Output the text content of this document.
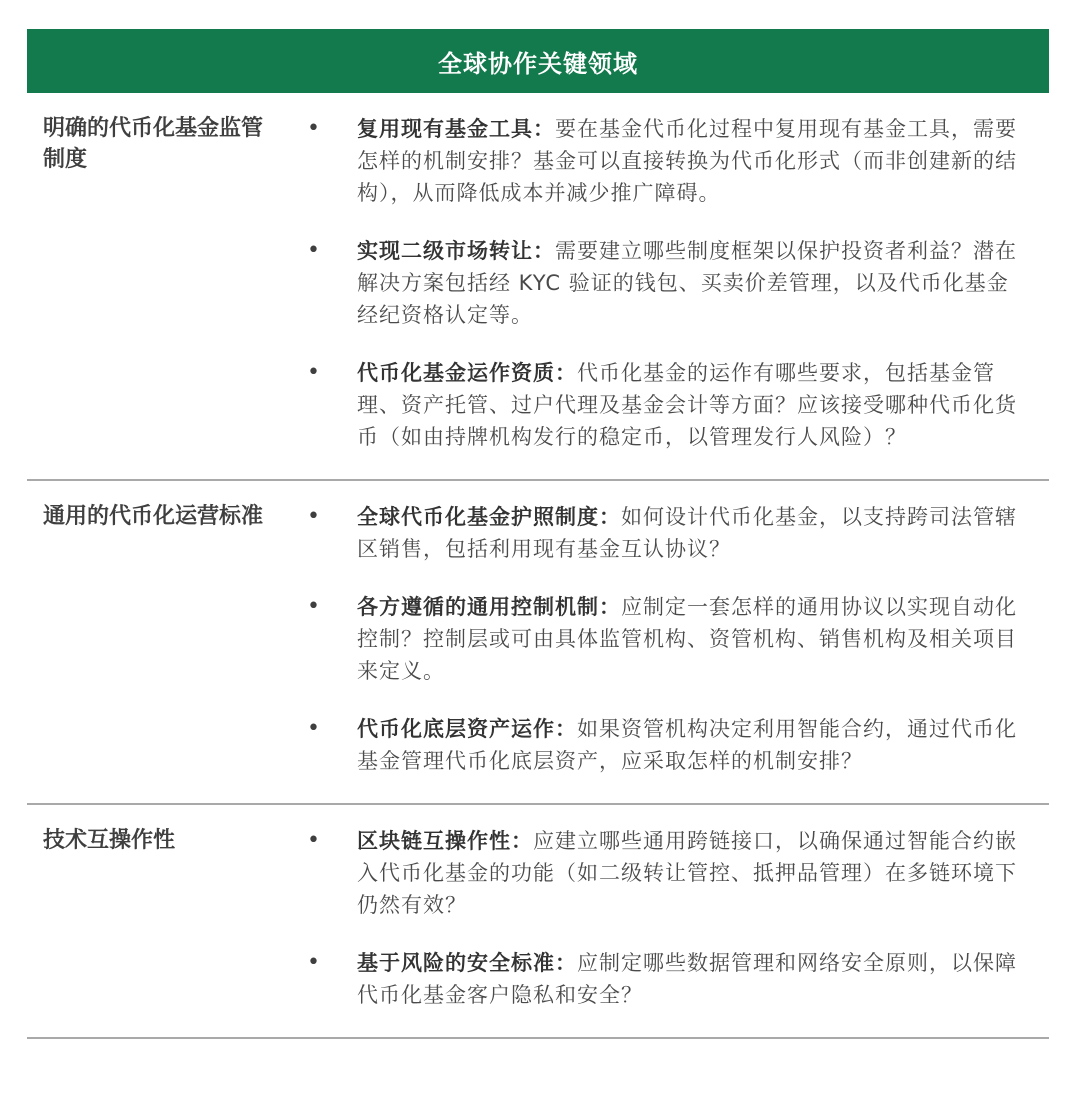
全球协作关键领域
明确的代币化基金监管制度
•	复用现有基金工具：要在基金代币化过程中复用现有基金工具，需要怎样的机制安排？基金可以直接转换为代币化形式（而非创建新的结构），从而降低成本并减少推广障碍。
•	实现二级市场转让：需要建立哪些制度框架以保护投资者利益？潜在解决方案包括经 KYC 验证的钱包、买卖价差管理，以及代币化基金经纪资格认定等。
•	代币化基金运作资质：代币化基金的运作有哪些要求，包括基金管理、资产托管、过户代理及基金会计等方面？应该接受哪种代币化货币（如由持牌机构发行的稳定币，以管理发行人风险）？
通用的代币化运营标准	•	全球代币化基金护照制度：如何设计代币化基金，以支持跨司法管辖区销售，包括利用现有基金互认协议？
•	各方遵循的通用控制机制：应制定一套怎样的通用协议以实现自动化控制？控制层或可由具体监管机构、资管机构、销售机构及相关项目来定义。
•	代币化底层资产运作：如果资管机构决定利用智能合约，通过代币化基金管理代币化底层资产，应采取怎样的机制安排？
技术互操作性	•	区块链互操作性：应建立哪些通用跨链接口，以确保通过智能合约嵌入代币化基金的功能（如二级转让管控、抵押品管理）在多链环境下仍然有效？
•	基于风险的安全标准：应制定哪些数据管理和网络安全原则，以保障代币化基金客户隐私和安全？
